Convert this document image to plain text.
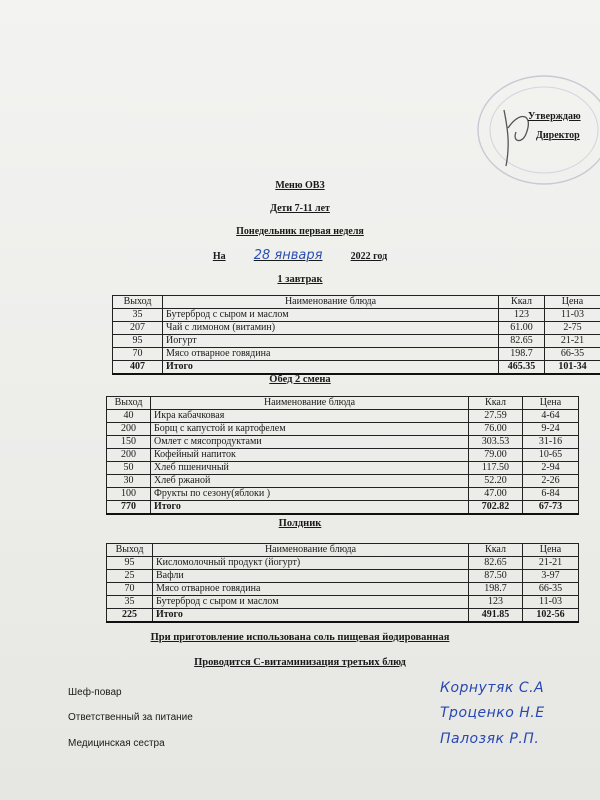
Утверждаю
Директор
Меню ОВЗ
Дети 7-11 лет
Понедельник первая неделя
На 28 января	2022 год
1 завтрак
Выход	Наименование блюда	Ккал	Цена
35	Бутерброд с сыром и маслом	123	11-03
207	Чай с лимоном (витамин)	61.00	2-75
95	Йогурт	82.65	21-21
70	Мясо отварное говядина	198.7	66-35
407	Итого	465.35	101-34
Обед 2 смена
Выход	Наименование блюда	Ккал	Цена
40	Икра кабачковая	27.59	4-64
200	Борщ с капустой и картофелем	76.00	9-24
150	Омлет с мясопродуктами	303.53	31-16
200	Кофейный напиток	79.00	10-65
50	Хлеб пшеничный	117.50	2-94
30	Хлеб ржаной	52.20	2-26
100	Фрукты по сезону(яблоки )	47.00	6-84
770	Итого	702.82	67-73
Полдник
Выход	Наименование блюда	Ккал	Цена
95	Кисломолочный продукт (йогурт)	82.65	21-21
25	Вафли	87.50	3-97
70	Мясо отварное говядина	198.7	66-35
35	Бутерброд с сыром и маслом	123	11-03
225	Итого	491.85	102-56
При приготовление использована соль пищевая йодированная
Проводится С-витаминизация третьих блюд
Шеф-повар	Корнутяк С.А
Ответственный за питание	Троценко Н.Е
Медицинская сестра	Палозяк Р.П.
